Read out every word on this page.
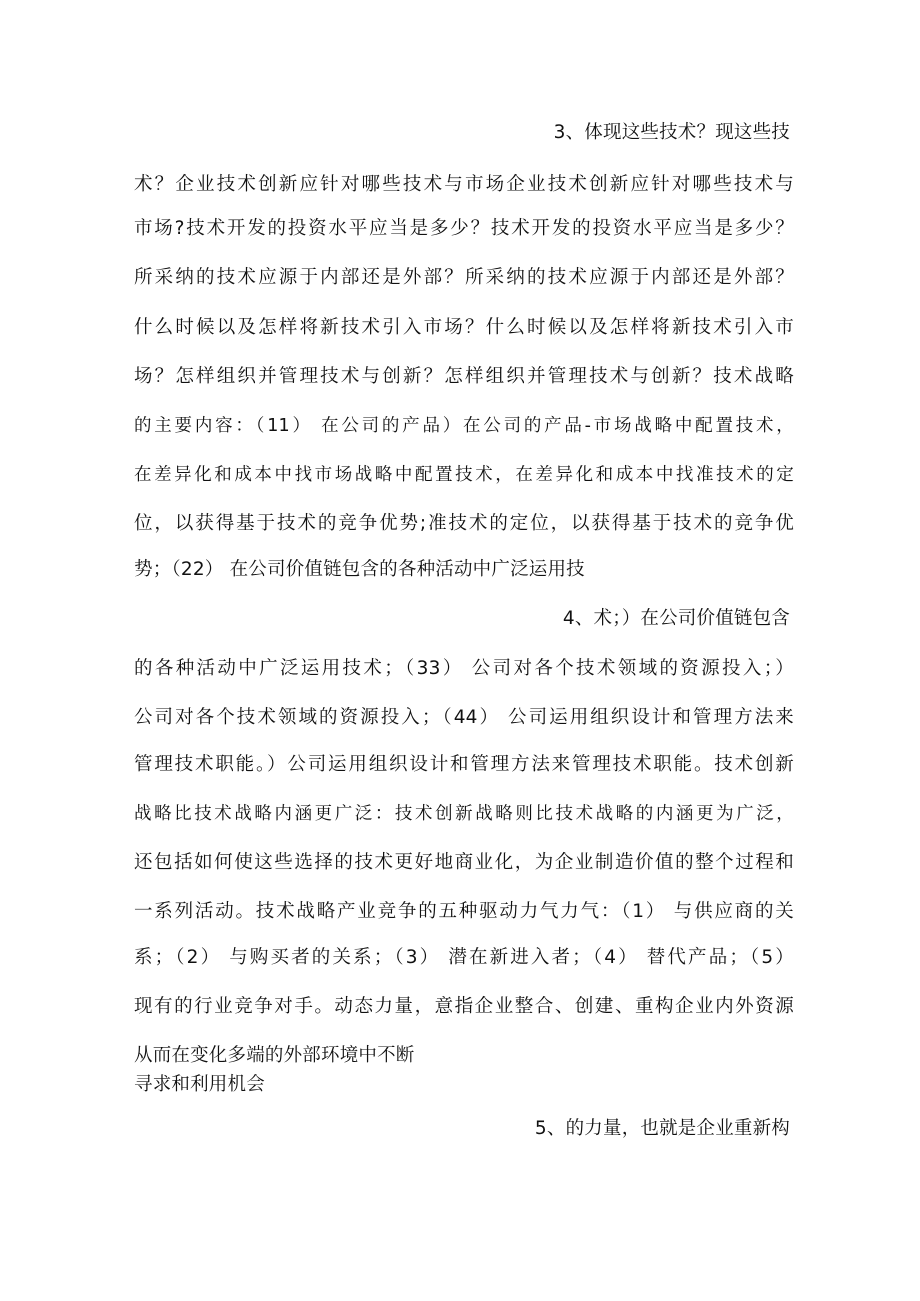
3、体现这些技术？现这些技
术？企业技术创新应针对哪些技术与市场企业技术创新应针对哪些技术与
市场?技术开发的投资水平应当是多少？技术开发的投资水平应当是多少？
所采纳的技术应源于内部还是外部？所采纳的技术应源于内部还是外部？
什么时候以及怎样将新技术引入市场？什么时候以及怎样将新技术引入市
场？怎样组织并管理技术与创新？怎样组织并管理技术与创新？技术战略
的主要内容：（11） 在公司的产品）在公司的产品-市场战略中配置技术，
在差异化和成本中找市场战略中配置技术，在差异化和成本中找准技术的定
位，以获得基于技术的竞争优势;准技术的定位，以获得基于技术的竞争优
势；（22） 在公司价值链包含的各种活动中广泛运用技
4、术；）在公司价值链包含
的各种活动中广泛运用技术；（33） 公司对各个技术领域的资源投入；）
公司对各个技术领域的资源投入；（44） 公司运用组织设计和管理方法来
管理技术职能。）公司运用组织设计和管理方法来管理技术职能。技术创新
战略比技术战略内涵更广泛：技术创新战略则比技术战略的内涵更为广泛，
还包括如何使这些选择的技术更好地商业化，为企业制造价值的整个过程和
一系列活动。技术战略产业竞争的五种驱动力气力气：（1） 与供应商的关
系；（2） 与购买者的关系；（3） 潜在新进入者；（4） 替代产品；（5）
现有的行业竞争对手。动态力量，意指企业整合、创建、重构企业内外资源
从而在变化多端的外部环境中不断
寻求和利用机会
5、的力量，也就是企业重新构
